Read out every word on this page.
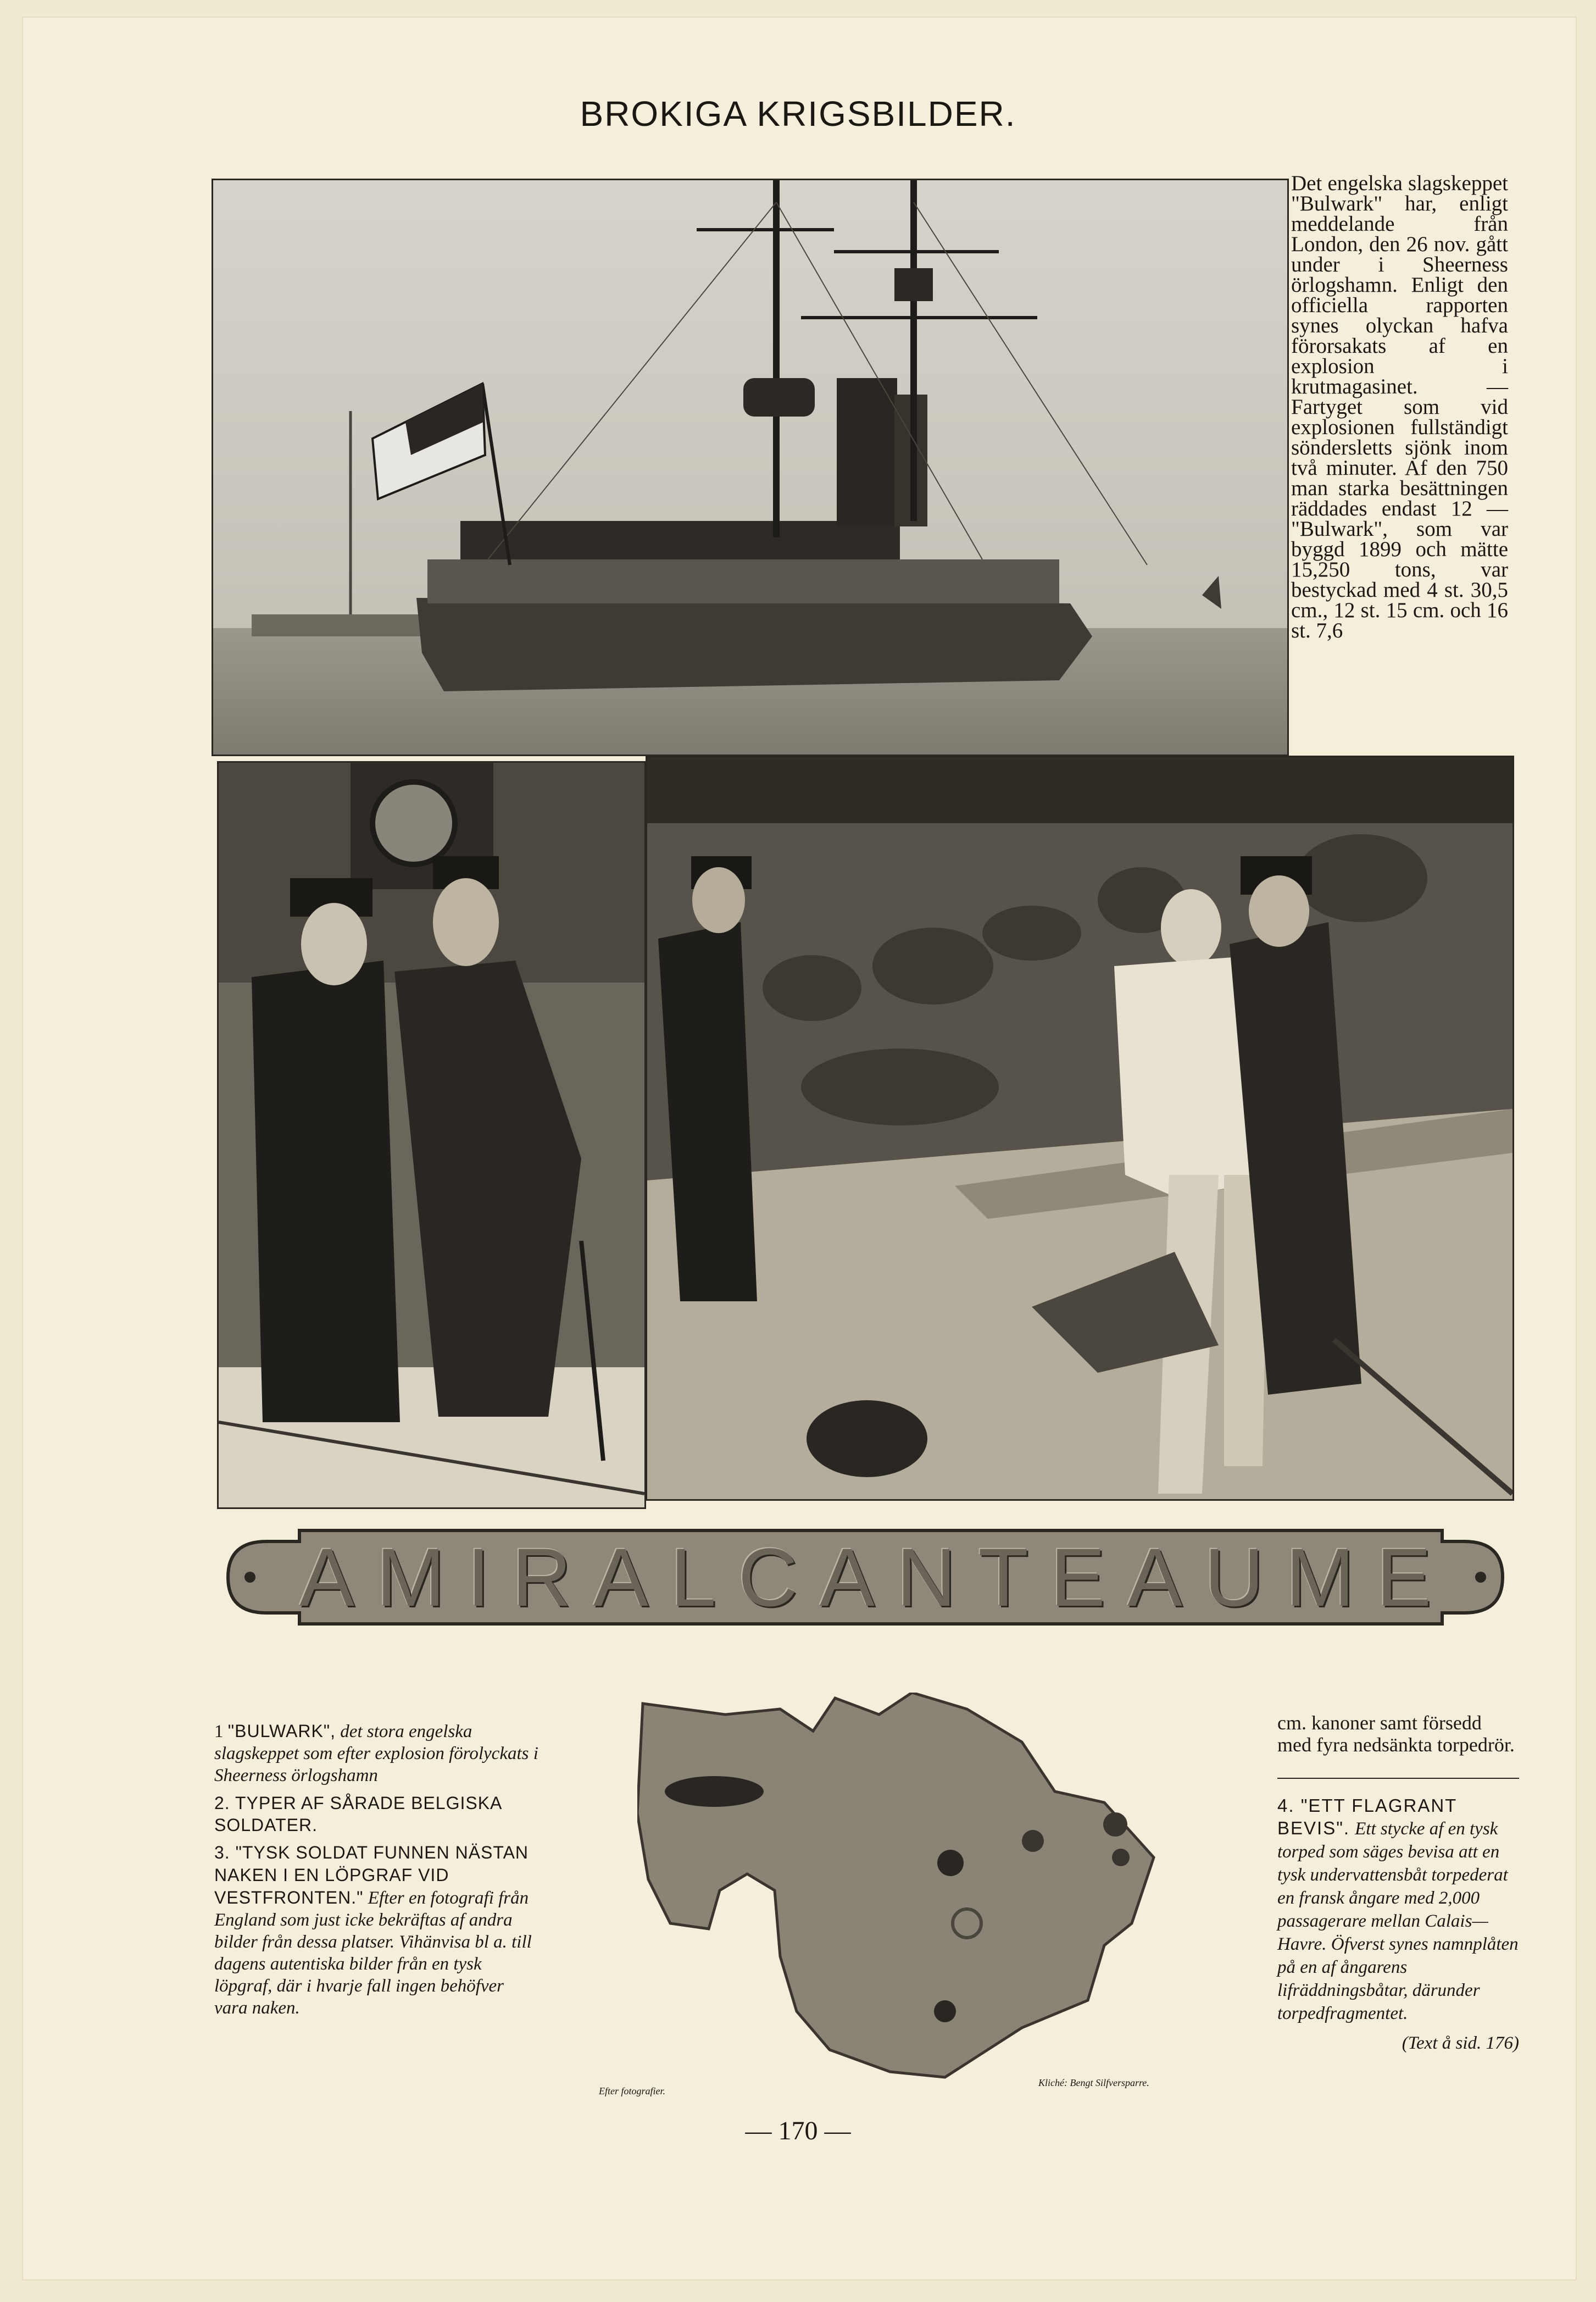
BROKIGA KRIGSBILDER.
Det engelska slagskeppet "Bulwark" har, enligt meddelande från London, den 26 nov. gått under i Sheerness örlogshamn. Enligt den officiella rapporten synes olyckan hafva förorsakats af en explosion i krutmagasinet. — Fartyget som vid explosionen fullständigt söndersletts sjönk inom två minuter. Af den 750 man starka besättningen räddades endast 12 — "Bulwark", som var byggd 1899 och mätte 15,250 tons, var bestyckad med 4 st. 30,5 cm., 12 st. 15 cm. och 16 st. 7,6
A M I R A L C A N T E A U M E

1 "BULWARK", det stora engelska slagskeppet som efter explosion förolyckats i Sheerness örlogshamn

2. TYPER AF SÅRADE BELGISKA SOLDATER.

3. "TYSK SOLDAT FUNNEN NÄSTAN NAKEN I EN LÖPGRAF VID VESTFRONTEN." Efter en fotografi från England som just icke bekräftas af andra bilder från dessa platser. Vihänvisa bl a. till dagens autentiska bilder från en tysk löpgraf, där i hvarje fall ingen behöfver vara naken.

Efter fotografier.
Kliché: Bengt Silfversparre.

cm. kanoner samt försedd med fyra nedsänkta torpedrör.

4. "ETT FLAGRANT BEVIS". Ett stycke af en tysk torped som säges bevisa att en tysk undervattensbåt torpederat en fransk ångare med 2,000 passagerare mellan Calais—Havre. Öfverst synes namnplåten på en af ångarens lifräddningsbåtar, därunder torpedfragmentet.

(Text å sid. 176)

— 170 —
